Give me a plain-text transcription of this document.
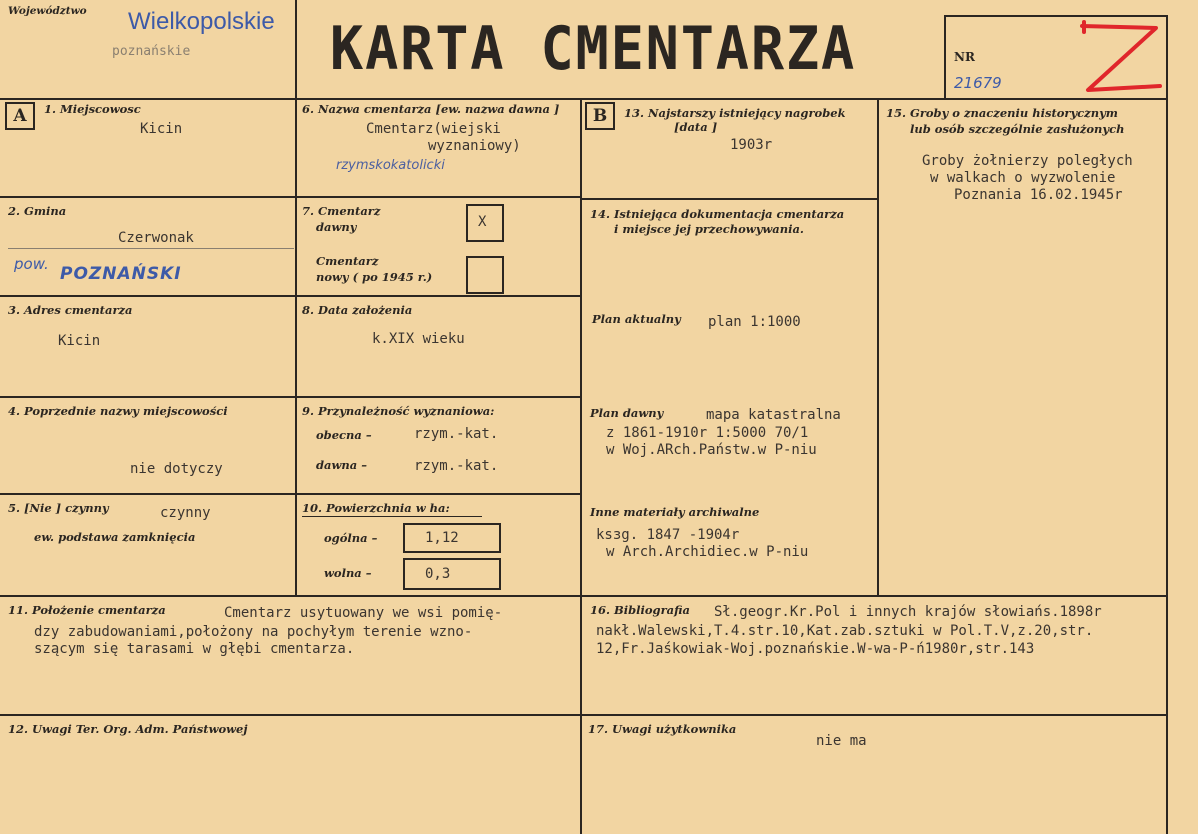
Województwo Wielkopolskie
poznańskie KARTA CMENTARZA	NR
21679
A	B
1. Miejscowosc
Kicin
2. Gmina
Czerwonak
pow. POZNAŃSKI
3. Adres cmentarza
Kicin
4. Poprzednie nazwy miejscowości
nie dotyczy
5. [Nie ] czynny	czynny
ew. podstawa zamknięcia
6. Nazwa cmentarza [ew. nazwa dawna ]
Cmentarz(wiejski
wyznaniowy)
rzymskokatolicki
7. Cmentarz
dawny	X
Cmentarz
nowy ( po 1945 r.)
8. Data założenia
k.XIX wieku
9. Przynależność wyznaniowa:
obecna –	rzym.-kat.
dawna –	rzym.-kat.
10. Powierzchnia w ha:
ogólna –	1,12
wolna –	0,3
11. Położenie cmentarza	Cmentarz usytuowany we wsi pomię-
dzy zabudowaniami,położony na pochyłym terenie wzno-
szącym się tarasami w głębi cmentarza.
12. Uwagi Ter. Org. Adm. Państwowej
13. Najstarszy istniejący nagrobek
[data ]
1903r
14. Istniejąca dokumentacja cmentarza
i miejsce jej przechowywania.
Plan aktualny plan 1:1000
Plan dawny	mapa katastralna
z 1861-1910r 1:5000 70/1
w Woj.ARch.Państw.w P-niu
Inne materiały archiwalne
ksзg. 1847 -1904r
w Arch.Archidiec.w P-niu
15. Groby o znaczeniu historycznym
lub osób szczególnie zasłużonych
Groby żołnierzy poległych
w walkach o wyzwolenie
Poznania 16.02.1945r
16. Bibliografia Sł.geogr.Kr.Pol i innych krajów słowiańs.1898r
nakł.Walewski,T.4.str.10,Kat.zab.sztuki w Pol.T.V,z.20,str.
12,Fr.Jaśkowiak-Woj.poznańskie.W-wa-P-ń1980r,str.143
17. Uwagi użytkownika
nie ma
